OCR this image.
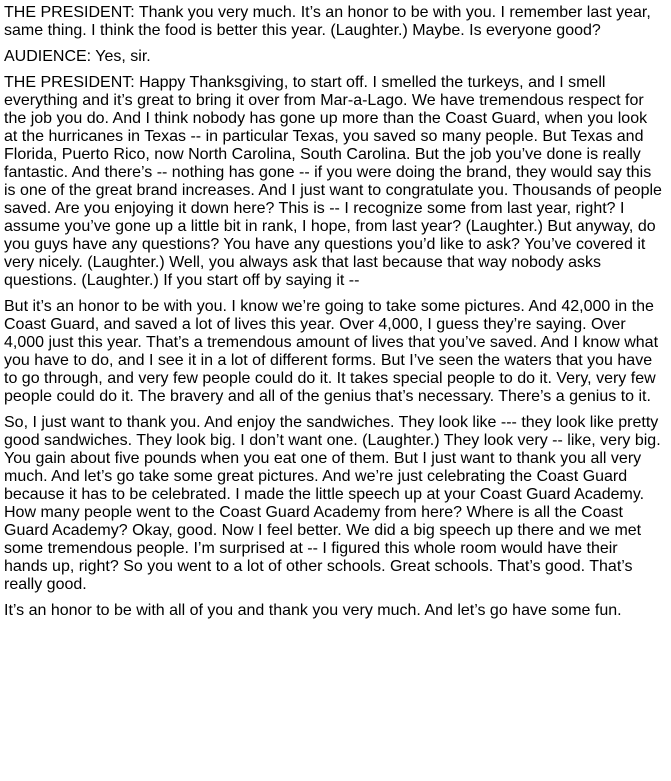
THE PRESIDENT: Thank you very much. It’s an honor to be with you. I remember last year, same thing. I think the food is better this year. (Laughter.) Maybe. Is everyone good?

AUDIENCE: Yes, sir.

THE PRESIDENT: Happy Thanksgiving, to start off. I smelled the turkeys, and I smell everything and it’s great to bring it over from Mar-a-Lago. We have tremendous respect for the job you do. And I think nobody has gone up more than the Coast Guard, when you look at the hurricanes in Texas -- in particular Texas, you saved so many people. But Texas and Florida, Puerto Rico, now North Carolina, South Carolina. But the job you’ve done is really fantastic. And there’s -- nothing has gone -- if you were doing the brand, they would say this is one of the great brand increases. And I just want to congratulate you. Thousands of people saved. Are you enjoying it down here? This is -- I recognize some from last year, right? I assume you’ve gone up a little bit in rank, I hope, from last year? (Laughter.) But anyway, do you guys have any questions? You have any questions you’d like to ask? You’ve covered it very nicely. (Laughter.) Well, you always ask that last because that way nobody asks questions. (Laughter.) If you start off by saying it --

But it’s an honor to be with you. I know we’re going to take some pictures. And 42,000 in the Coast Guard, and saved a lot of lives this year. Over 4,000, I guess they’re saying. Over 4,000 just this year. That’s a tremendous amount of lives that you’ve saved. And I know what you have to do, and I see it in a lot of different forms. But I’ve seen the waters that you have to go through, and very few people could do it. It takes special people to do it. Very, very few people could do it. The bravery and all of the genius that’s necessary. There’s a genius to it.

So, I just want to thank you. And enjoy the sandwiches. They look like --- they look like pretty good sandwiches. They look big. I don’t want one. (Laughter.) They look very -- like, very big. You gain about five pounds when you eat one of them. But I just want to thank you all very much. And let’s go take some great pictures. And we’re just celebrating the Coast Guard because it has to be celebrated. I made the little speech up at your Coast Guard Academy. How many people went to the Coast Guard Academy from here? Where is all the Coast Guard Academy? Okay, good. Now I feel better. We did a big speech up there and we met some tremendous people. I’m surprised at -- I figured this whole room would have their hands up, right? So you went to a lot of other schools. Great schools. That’s good. That’s really good.

It’s an honor to be with all of you and thank you very much. And let’s go have some fun.
